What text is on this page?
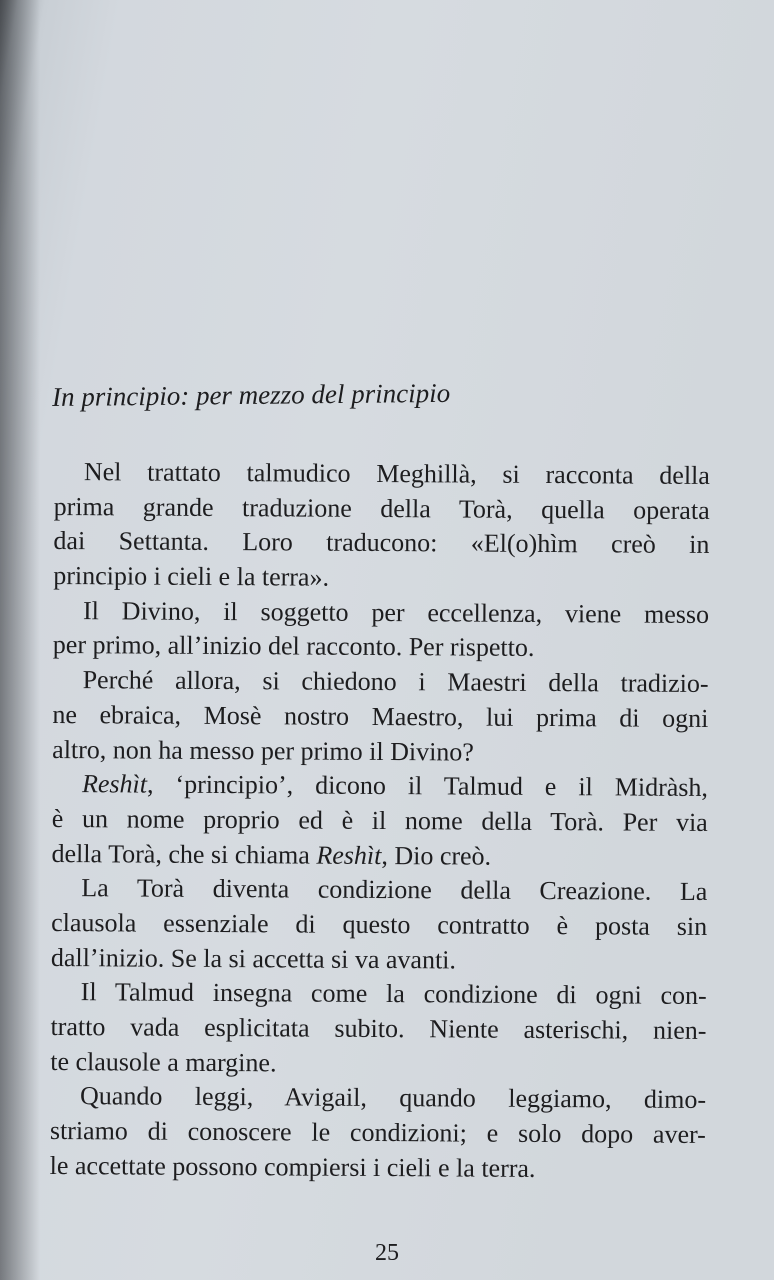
In principio: per mezzo del principio
Nel trattato talmudico Meghillà, si racconta della
prima grande traduzione della Torà, quella operata
dai Settanta. Loro traducono: «El(o)hìm creò in
principio i cieli e la terra».
Il Divino, il soggetto per eccellenza, viene messo
per primo, all’inizio del racconto. Per rispetto.
Perché allora, si chiedono i Maestri della tradizio-
ne ebraica, Mosè nostro Maestro, lui prima di ogni
altro, non ha messo per primo il Divino?
Reshìt, ‘principio’, dicono il Talmud e il Midràsh,
è un nome proprio ed è il nome della Torà. Per via
della Torà, che si chiama Reshìt, Dio creò.
La Torà diventa condizione della Creazione. La
clausola essenziale di questo contratto è posta sin
dall’inizio. Se la si accetta si va avanti.
Il Talmud insegna come la condizione di ogni con-
tratto vada esplicitata subito. Niente asterischi, nien-
te clausole a margine.
Quando leggi, Avigail, quando leggiamo, dimo-
striamo di conoscere le condizioni; e solo dopo aver-
le accettate possono compiersi i cieli e la terra.
25
